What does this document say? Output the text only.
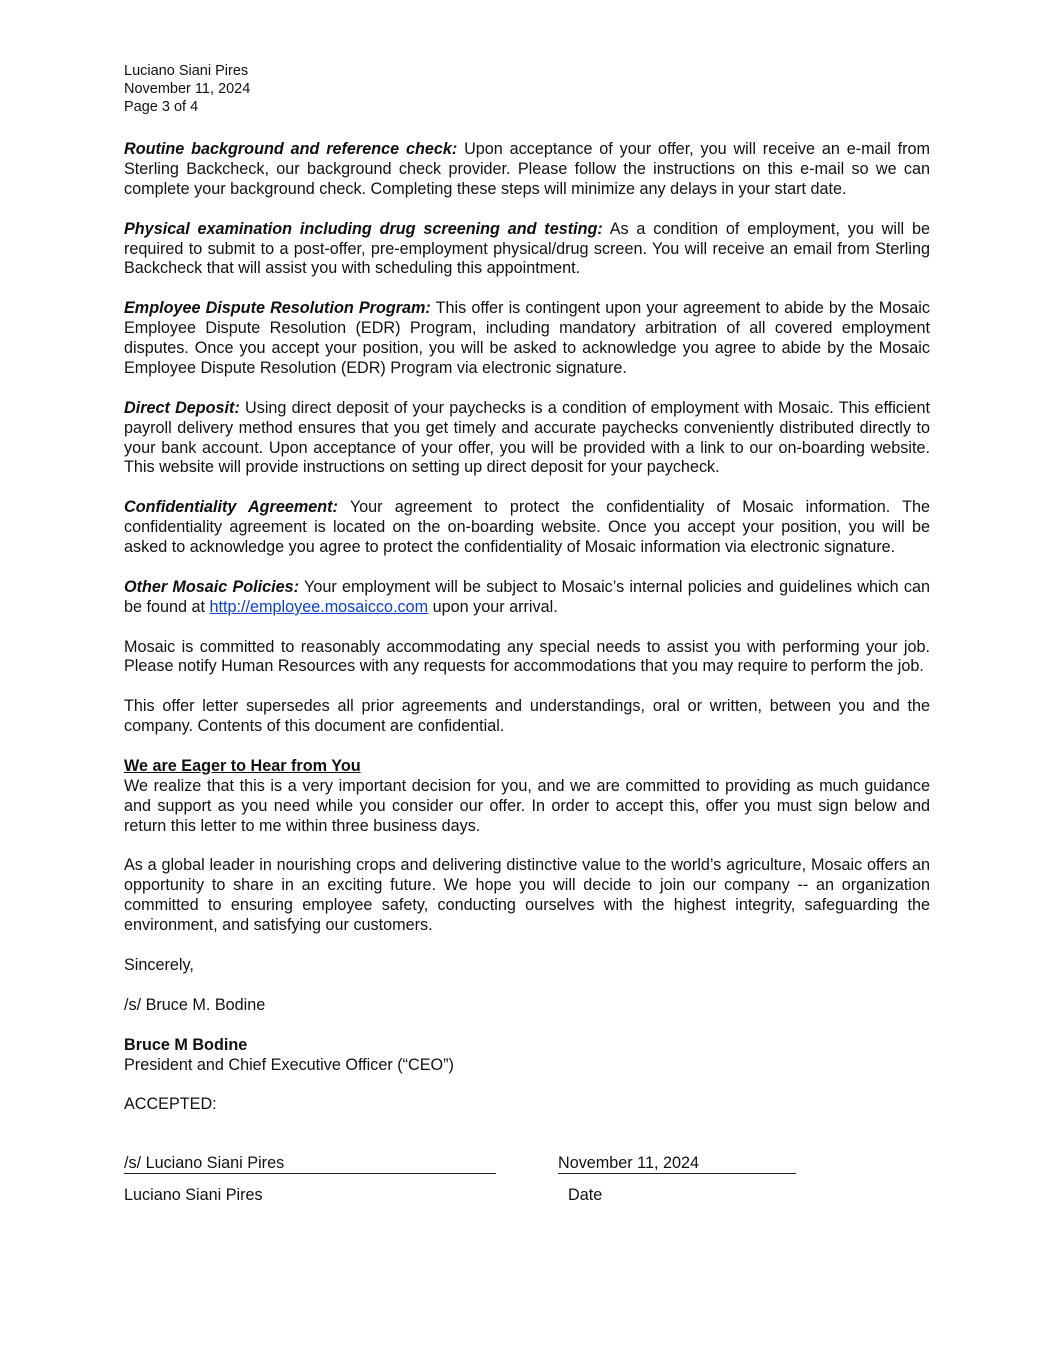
Luciano Siani Pires
November 11, 2024
Page 3 of 4

Routine background and reference check: Upon acceptance of your offer, you will receive an e-mail from Sterling Backcheck, our background check provider. Please follow the instructions on this e-mail so we can complete your background check. Completing these steps will minimize any delays in your start date.

Physical examination including drug screening and testing: As a condition of employment, you will be required to submit to a post-offer, pre-employment physical/drug screen. You will receive an email from Sterling Backcheck that will assist you with scheduling this appointment.

Employee Dispute Resolution Program: This offer is contingent upon your agreement to abide by the Mosaic Employee Dispute Resolution (EDR) Program, including mandatory arbitration of all covered employment disputes. Once you accept your position, you will be asked to acknowledge you agree to abide by the Mosaic Employee Dispute Resolution (EDR) Program via electronic signature.

Direct Deposit: Using direct deposit of your paychecks is a condition of employment with Mosaic. This efficient payroll delivery method ensures that you get timely and accurate paychecks conveniently distributed directly to your bank account. Upon acceptance of your offer, you will be provided with a link to our on-boarding website. This website will provide instructions on setting up direct deposit for your paycheck.

Confidentiality Agreement: Your agreement to protect the confidentiality of Mosaic information. The confidentiality agreement is located on the on-boarding website. Once you accept your position, you will be asked to acknowledge you agree to protect the confidentiality of Mosaic information via electronic signature.

Other Mosaic Policies: Your employment will be subject to Mosaic’s internal policies and guidelines which can be found at http://employee.mosaicco.com upon your arrival.

Mosaic is committed to reasonably accommodating any special needs to assist you with performing your job. Please notify Human Resources with any requests for accommodations that you may require to perform the job.

This offer letter supersedes all prior agreements and understandings, oral or written, between you and the company. Contents of this document are confidential.

We are Eager to Hear from You

We realize that this is a very important decision for you, and we are committed to providing as much guidance and support as you need while you consider our offer. In order to accept this, offer you must sign below and return this letter to me within three business days.

As a global leader in nourishing crops and delivering distinctive value to the world’s agriculture, Mosaic offers an opportunity to share in an exciting future. We hope you will decide to join our company -- an organization committed to ensuring employee safety, conducting ourselves with the highest integrity, safeguarding the environment, and satisfying our customers.

Sincerely,

/s/ Bruce M. Bodine

Bruce M Bodine
President and Chief Executive Officer (“CEO”)

ACCEPTED:

/s/ Luciano Siani Pires	November 11, 2024
Luciano Siani Pires	Date
